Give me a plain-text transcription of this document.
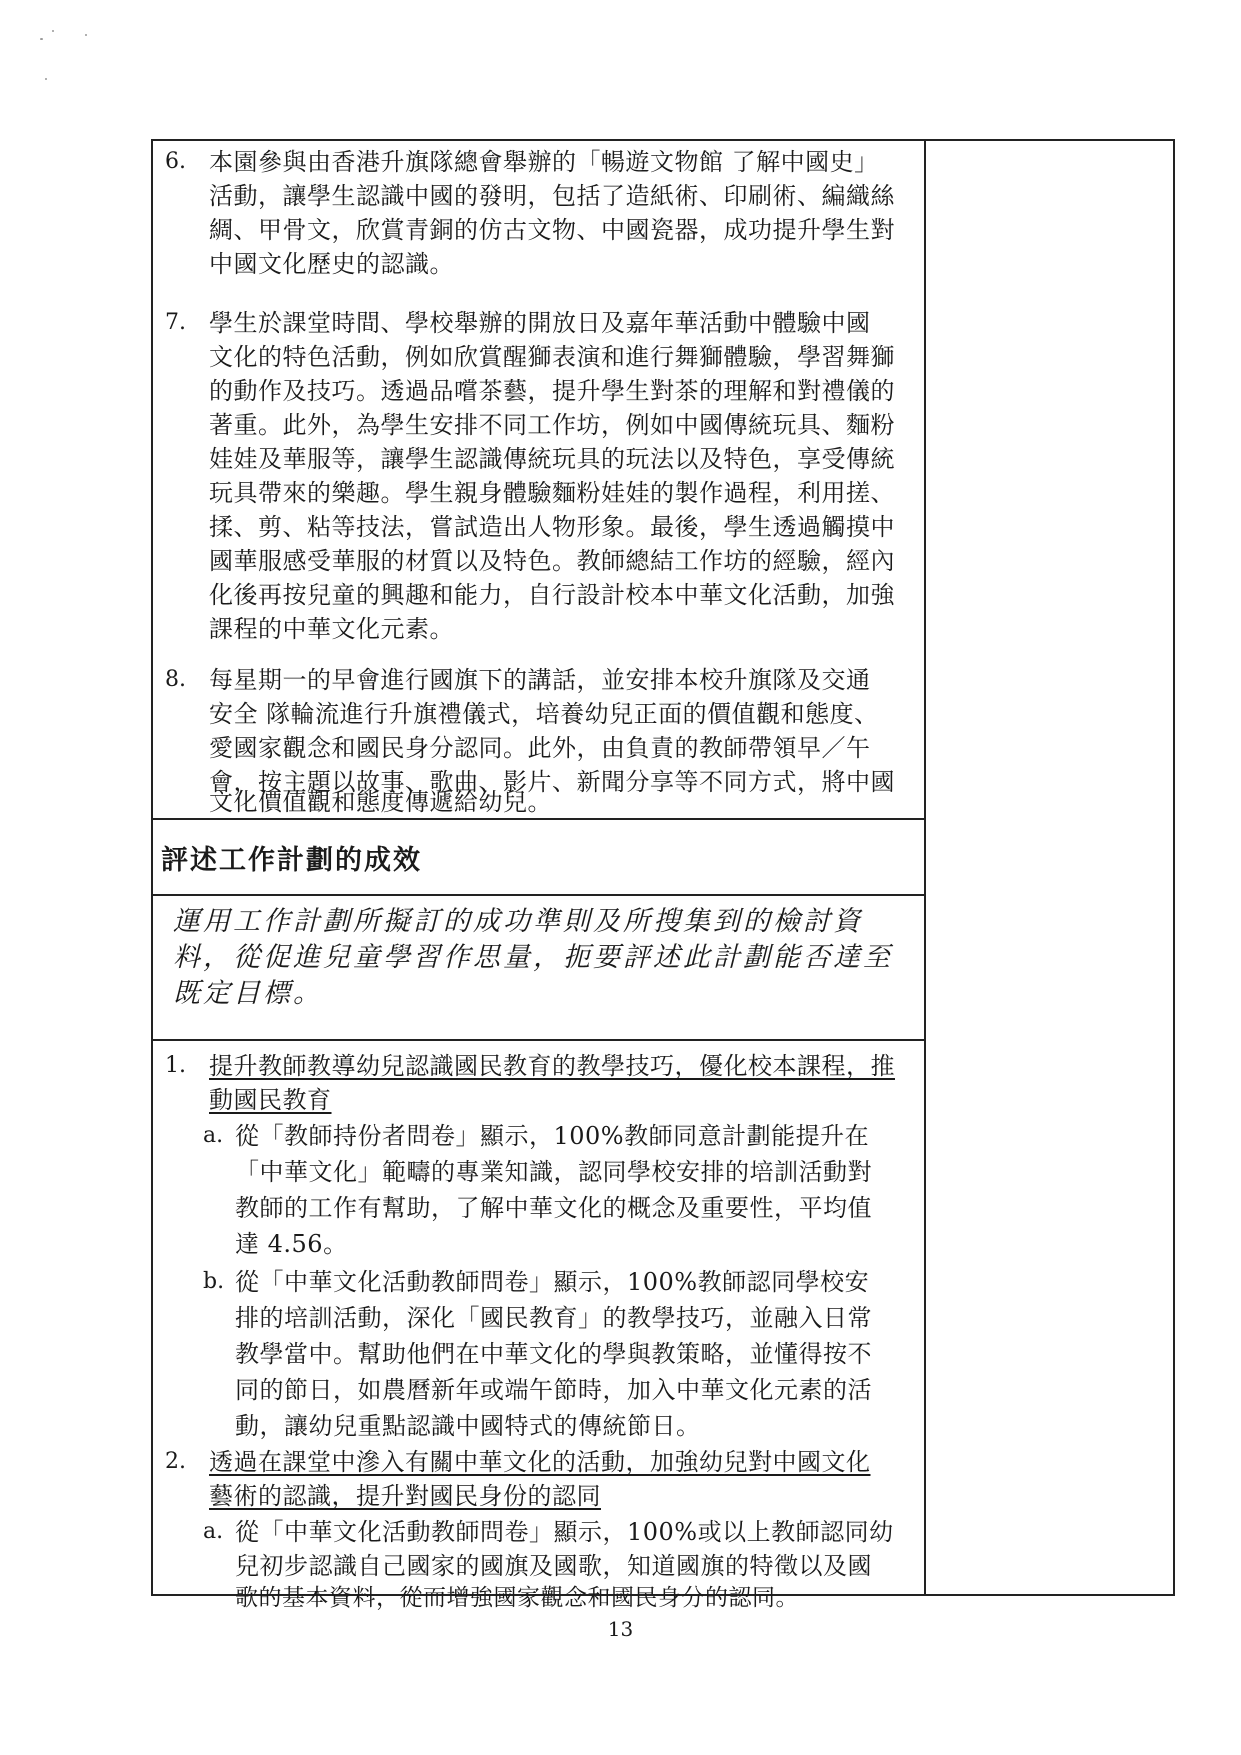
6. 本園參與由香港升旗隊總會舉辦的「暢遊文物館 了解中國史」
活動，讓學生認識中國的發明，包括了造紙術、印刷術、編織絲
綢、甲骨文，欣賞青銅的仿古文物、中國瓷器，成功提升學生對
中國文化歷史的認識。
7. 學生於課堂時間、學校舉辦的開放日及嘉年華活動中體驗中國
文化的特色活動，例如欣賞醒獅表演和進行舞獅體驗，學習舞獅
的動作及技巧。透過品嚐茶藝，提升學生對茶的理解和對禮儀的
著重。此外，為學生安排不同工作坊，例如中國傳統玩具、麵粉
娃娃及華服等，讓學生認識傳統玩具的玩法以及特色，享受傳統
玩具帶來的樂趣。學生親身體驗麵粉娃娃的製作過程，利用搓、
揉、剪、粘等技法，嘗試造出人物形象。最後，學生透過觸摸中
國華服感受華服的材質以及特色。教師總結工作坊的經驗，經內
化後再按兒童的興趣和能力，自行設計校本中華文化活動，加強
課程的中華文化元素。
8. 每星期一的早會進行國旗下的講話，並安排本校升旗隊及交通
安全 隊輪流進行升旗禮儀式，培養幼兒正面的價值觀和態度、
愛國家觀念和國民身分認同。此外，由負責的教師帶領早／午
會，按主題以故事、歌曲、影片、新聞分享等不同方式，將中國
文化價值觀和態度傳遞給幼兒。
評述工作計劃的成效
運用工作計劃所擬訂的成功準則及所搜集到的檢討資
料，從促進兒童學習作思量，扼要評述此計劃能否達至
既定目標。
1. 提升教師教導幼兒認識國民教育的教學技巧，優化校本課程，推
動國民教育
a. 從「教師持份者問卷」顯示，100%教師同意計劃能提升在
「中華文化」範疇的專業知識，認同學校安排的培訓活動對
教師的工作有幫助，了解中華文化的概念及重要性，平均值
達 4.56。
b. 從「中華文化活動教師問卷」顯示，100%教師認同學校安
排的培訓活動，深化「國民教育」的教學技巧，並融入日常
教學當中。幫助他們在中華文化的學與教策略，並懂得按不
同的節日，如農曆新年或端午節時，加入中華文化元素的活
動，讓幼兒重點認識中國特式的傳統節日。
2. 透過在課堂中滲入有關中華文化的活動，加強幼兒對中國文化
藝術的認識，提升對國民身份的認同
a. 從「中華文化活動教師問卷」顯示，100%或以上教師認同幼
兒初步認識自己國家的國旗及國歌，知道國旗的特徵以及國
歌的基本資料，從而增強國家觀念和國民身分的認同。
13
